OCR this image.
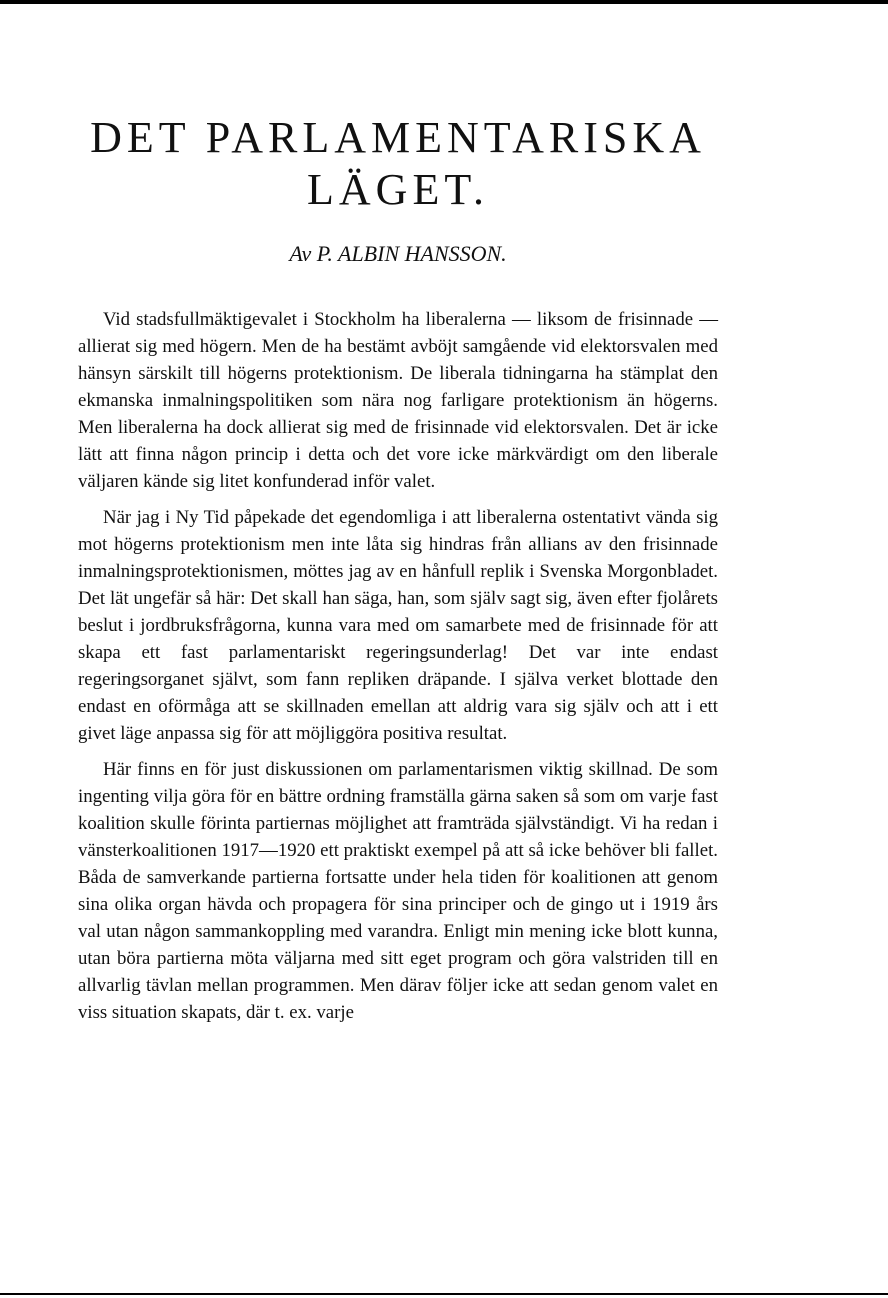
DET PARLAMENTARISKA
LÄGET.
Av P. ALBIN HANSSON.

Vid stadsfullmäktigevalet i Stockholm ha liberalerna — liksom de frisinnade — allierat sig med högern. Men de ha bestämt avböjt samgående vid elektorsvalen med hänsyn särskilt till högerns protektionism. De liberala tidningarna ha stämplat den ekmanska inmalningspolitiken som nära nog farligare protektionism än högerns. Men liberalerna ha dock allierat sig med de frisinnade vid elektorsvalen. Det är icke lätt att finna någon princip i detta och det vore icke märkvärdigt om den liberale väljaren kände sig litet konfunderad inför valet.

När jag i Ny Tid påpekade det egendomliga i att liberalerna ostentativt vända sig mot högerns protektionism men inte låta sig hindras från allians av den frisinnade inmalningsprotektionismen, möttes jag av en hånfull replik i Svenska Morgonbladet. Det lät ungefär så här: Det skall han säga, han, som själv sagt sig, även efter fjolårets beslut i jordbruksfrågorna, kunna vara med om samarbete med de frisinnade för att skapa ett fast parlamentariskt regeringsunderlag! Det var inte endast regeringsorganet självt, som fann repliken dräpande. I själva verket blottade den endast en oförmåga att se skillnaden emellan att aldrig vara sig själv och att i ett givet läge anpassa sig för att möjliggöra positiva resultat.

Här finns en för just diskussionen om parlamentarismen viktig skillnad. De som ingenting vilja göra för en bättre ordning framställa gärna saken så som om varje fast koalition skulle förinta partiernas möjlighet att framträda självständigt. Vi ha redan i vänsterkoalitionen 1917—1920 ett praktiskt exempel på att så icke behöver bli fallet. Båda de samverkande partierna fortsatte under hela tiden för koalitionen att genom sina olika organ hävda och propagera för sina principer och de gingo ut i 1919 års val utan någon sammankoppling med varandra. Enligt min mening icke blott kunna, utan böra partierna möta väljarna med sitt eget program och göra valstriden till en allvarlig tävlan mellan programmen. Men därav följer icke att sedan genom valet en viss situation skapats, där t. ex. varje
